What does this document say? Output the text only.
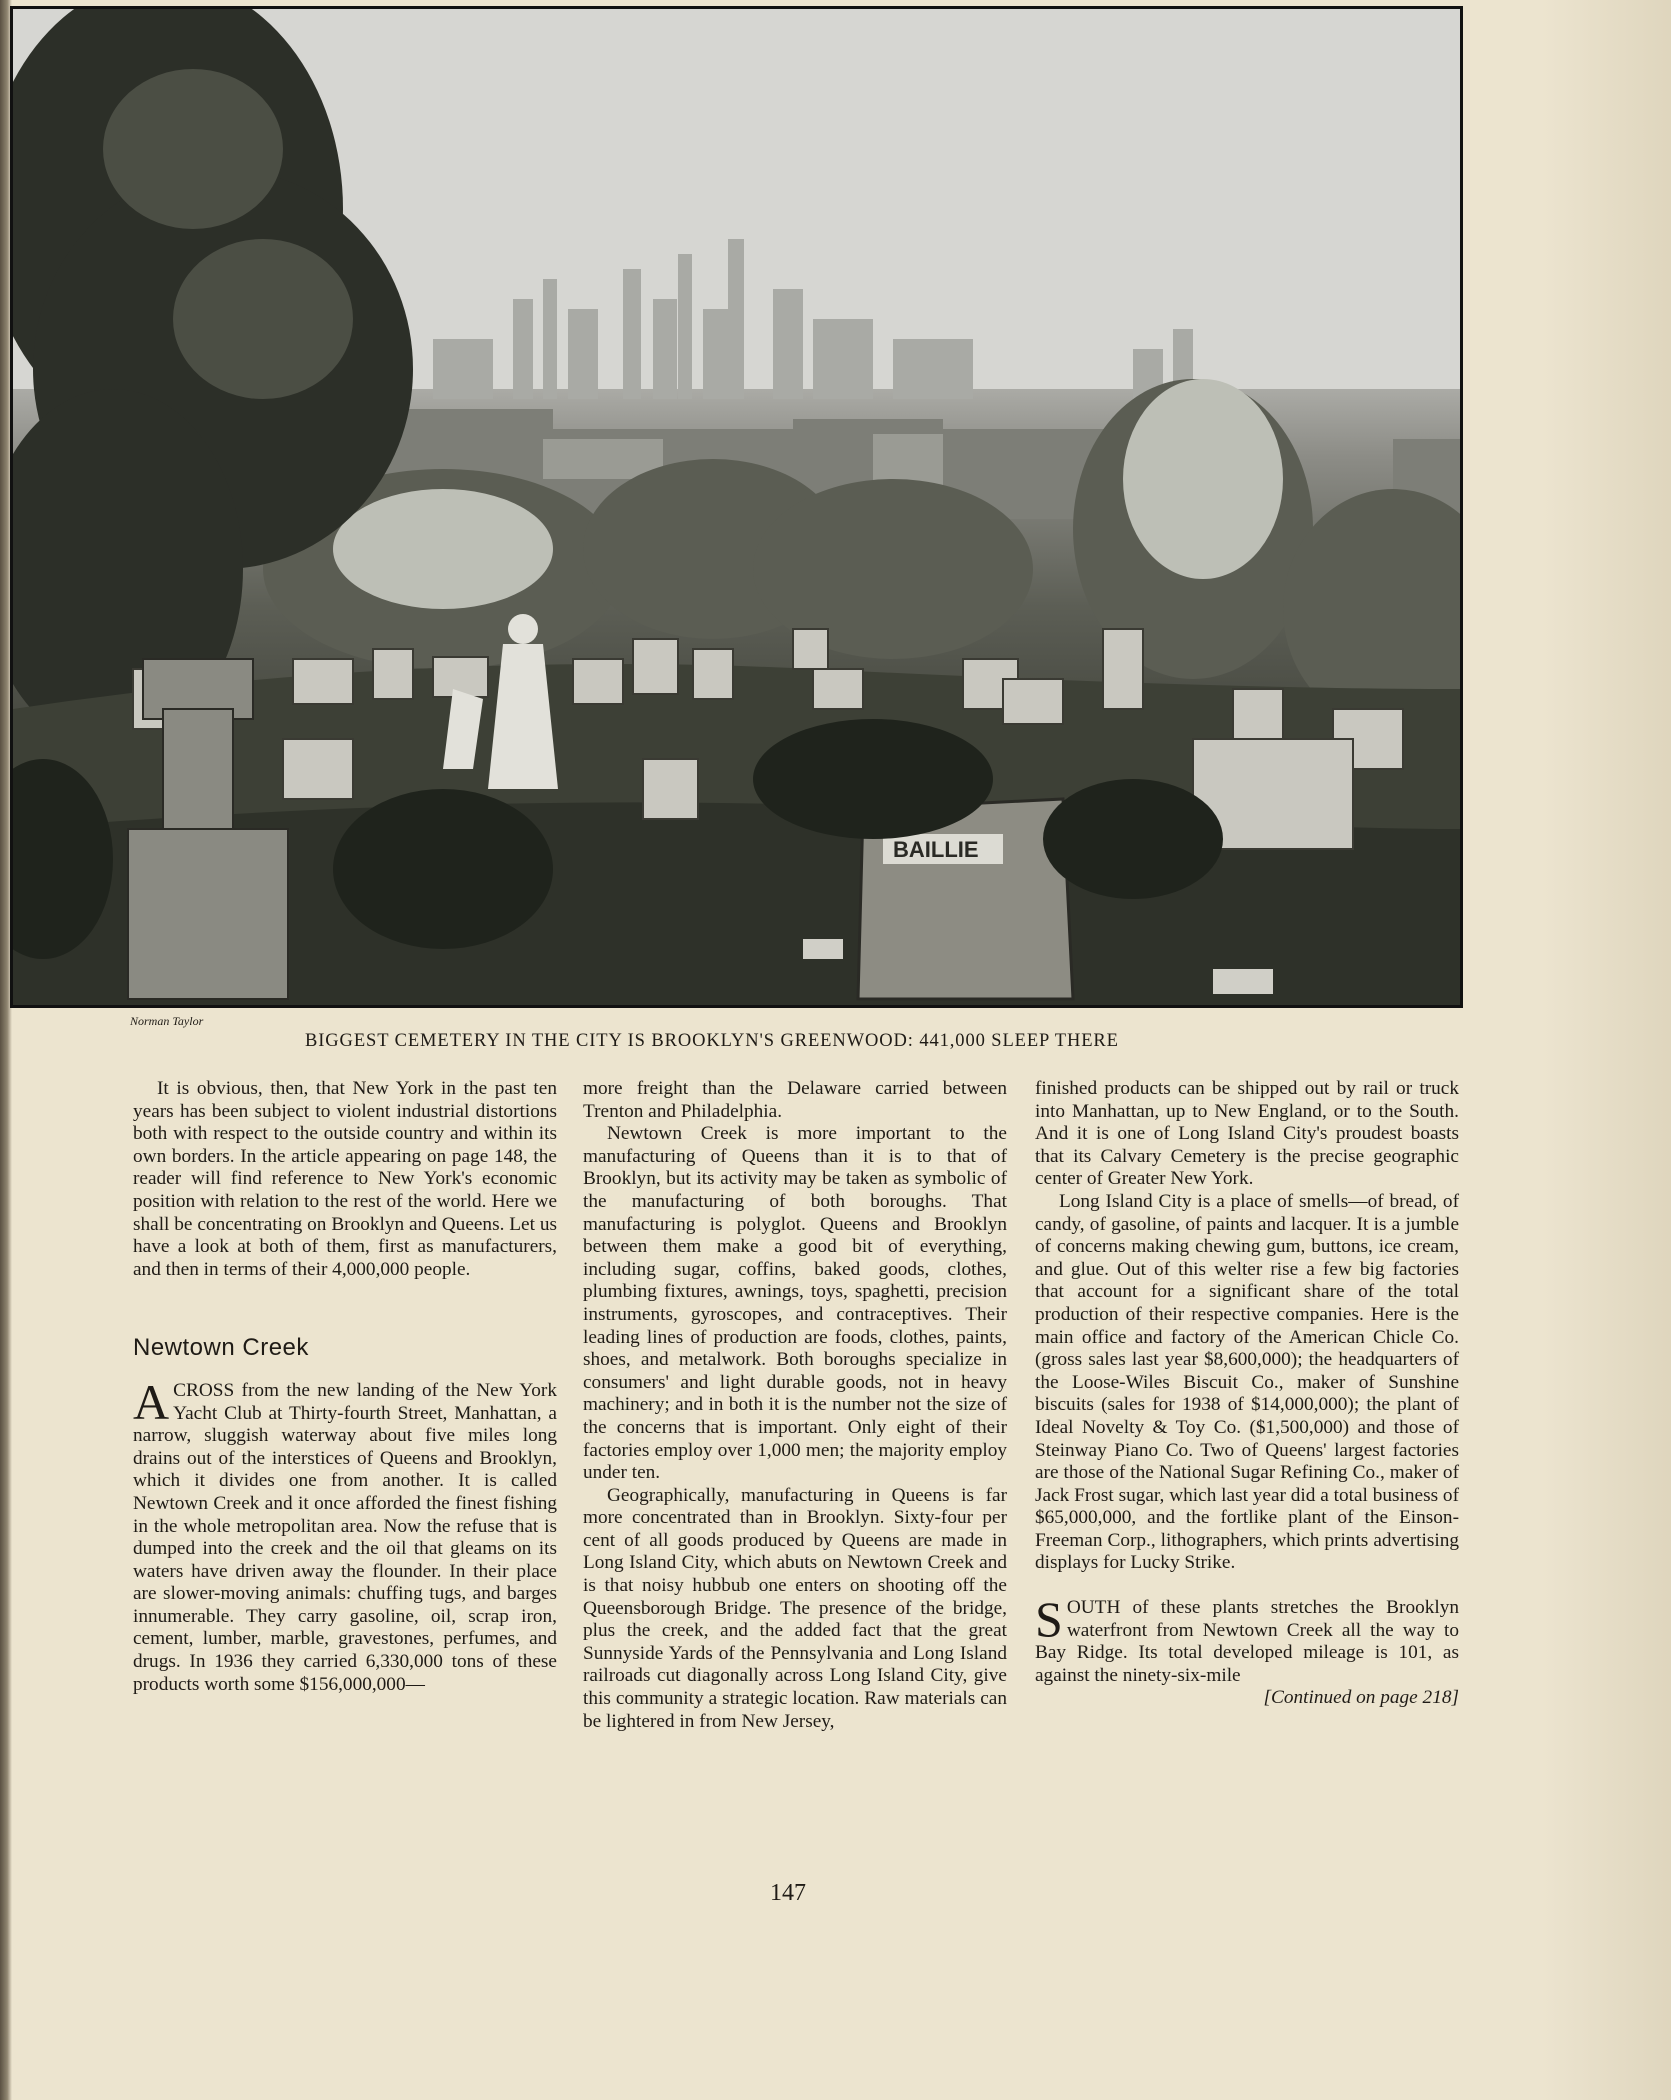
BAILLIE
Norman Taylor
BIGGEST CEMETERY IN THE CITY IS BROOKLYN'S GREENWOOD: 441,000 SLEEP THERE

It is obvious, then, that New York in the past ten years has been subject to violent industrial distortions both with respect to the outside country and within its own borders. In the article appearing on page 148, the reader will find reference to New York's economic position with relation to the rest of the world. Here we shall be concentrating on Brooklyn and Queens. Let us have a look at both of them, first as manufacturers, and then in terms of their 4,000,000 people.

Newtown Creek

ACROSS from the new landing of the New York Yacht Club at Thirty-fourth Street, Manhattan, a narrow, sluggish waterway about five miles long drains out of the interstices of Queens and Brooklyn, which it divides one from another. It is called Newtown Creek and it once afforded the finest fishing in the whole metropolitan area. Now the refuse that is dumped into the creek and the oil that gleams on its waters have driven away the flounder. In their place are slower-moving animals: chuffing tugs, and barges innumerable. They carry gasoline, oil, scrap iron, cement, lumber, marble, gravestones, perfumes, and drugs. In 1936 they carried 6,330,000 tons of these products worth some $156,000,000—

more freight than the Delaware carried between Trenton and Philadelphia.

Newtown Creek is more important to the manufacturing of Queens than it is to that of Brooklyn, but its activity may be taken as symbolic of the manufacturing of both boroughs. That manufacturing is polyglot. Queens and Brooklyn between them make a good bit of everything, including sugar, coffins, baked goods, clothes, plumbing fixtures, awnings, toys, spaghetti, precision instruments, gyroscopes, and contraceptives. Their leading lines of production are foods, clothes, paints, shoes, and metalwork. Both boroughs specialize in consumers' and light durable goods, not in heavy machinery; and in both it is the number not the size of the concerns that is important. Only eight of their factories employ over 1,000 men; the majority employ under ten.

Geographically, manufacturing in Queens is far more concentrated than in Brooklyn. Sixty-four per cent of all goods produced by Queens are made in Long Island City, which abuts on Newtown Creek and is that noisy hubbub one enters on shooting off the Queensborough Bridge. The presence of the bridge, plus the creek, and the added fact that the great Sunnyside Yards of the Pennsylvania and Long Island railroads cut diagonally across Long Island City, give this community a strategic location. Raw materials can be lightered in from New Jersey,

finished products can be shipped out by rail or truck into Manhattan, up to New England, or to the South. And it is one of Long Island City's proudest boasts that its Calvary Cemetery is the precise geographic center of Greater New York.

Long Island City is a place of smells—of bread, of candy, of gasoline, of paints and lacquer. It is a jumble of concerns making chewing gum, buttons, ice cream, and glue. Out of this welter rise a few big factories that account for a significant share of the total production of their respective companies. Here is the main office and factory of the American Chicle Co. (gross sales last year $8,600,000); the headquarters of the Loose-Wiles Biscuit Co., maker of Sunshine biscuits (sales for 1938 of $14,000,000); the plant of Ideal Novelty & Toy Co. ($1,500,000) and those of Steinway Piano Co. Two of Queens' largest factories are those of the National Sugar Refining Co., maker of Jack Frost sugar, which last year did a total business of $65,000,000, and the fortlike plant of the Einson-Freeman Corp., lithographers, which prints advertising displays for Lucky Strike.

SOUTH of these plants stretches the Brooklyn waterfront from Newtown Creek all the way to Bay Ridge. Its total developed mileage is 101, as against the ninety-six-mile

[Continued on page 218]

147
